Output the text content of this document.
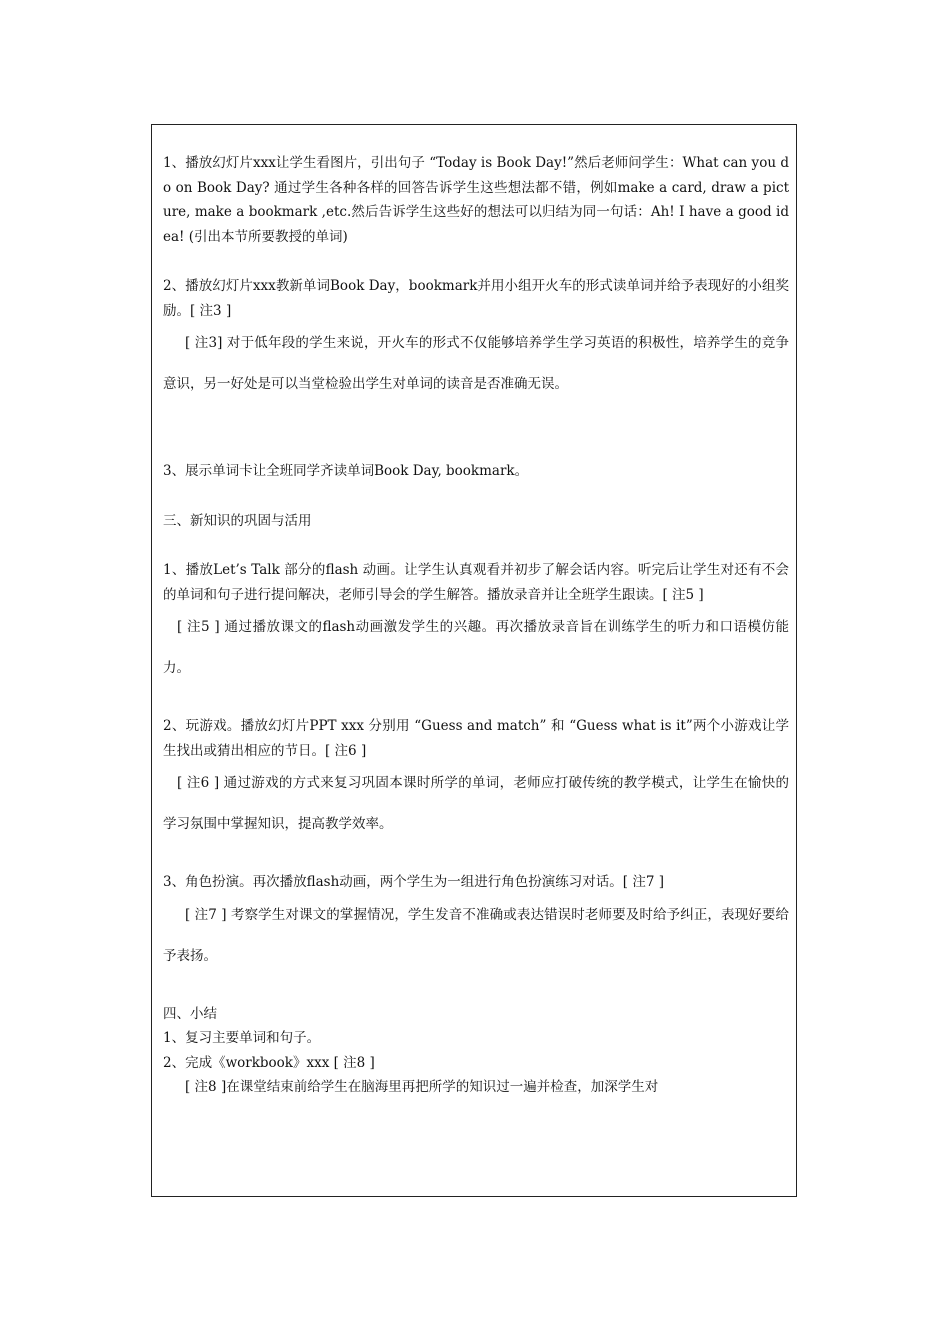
1、播放幻灯片xxx让学生看图片，引出句子 “Today is Book Day!”然后老师问学生：What can you do on Book Day? 通过学生各种各样的回答告诉学生这些想法都不错，例如make a card, draw a picture, make a bookmark ,etc.然后告诉学生这些好的想法可以归结为同一句话：Ah! I have a good idea! (引出本节所要教授的单词)

2、播放幻灯片xxx教新单词Book Day，bookmark并用小组开火车的形式读单词并给予表现好的小组奖励。[ 注3 ]

[ 注3] 对于低年段的学生来说，开火车的形式不仅能够培养学生学习英语的积极性，培养学生的竞争意识，另一好处是可以当堂检验出学生对单词的读音是否准确无误。

3、展示单词卡让全班同学齐读单词Book Day, bookmark。

三、新知识的巩固与活用

1、播放Let’s Talk 部分的flash 动画。让学生认真观看并初步了解会话内容。听完后让学生对还有不会的单词和句子进行提问解决，老师引导会的学生解答。播放录音并让全班学生跟读。[ 注5 ]

[ 注5 ] 通过播放课文的flash动画激发学生的兴趣。再次播放录音旨在训练学生的听力和口语模仿能力。

2、玩游戏。播放幻灯片PPT xxx 分别用 “Guess and match” 和 “Guess what is it”两个小游戏让学生找出或猜出相应的节日。[ 注6 ]

[ 注6 ] 通过游戏的方式来复习巩固本课时所学的单词，老师应打破传统的教学模式，让学生在愉快的学习氛围中掌握知识，提高教学效率。

3、角色扮演。再次播放flash动画，两个学生为一组进行角色扮演练习对话。[ 注7 ]

[ 注7 ] 考察学生对课文的掌握情况，学生发音不准确或表达错误时老师要及时给予纠正，表现好要给予表扬。

四、小结

1、复习主要单词和句子。

2、完成《workbook》xxx [ 注8 ]

[ 注8 ]在课堂结束前给学生在脑海里再把所学的知识过一遍并检查，加深学生对
